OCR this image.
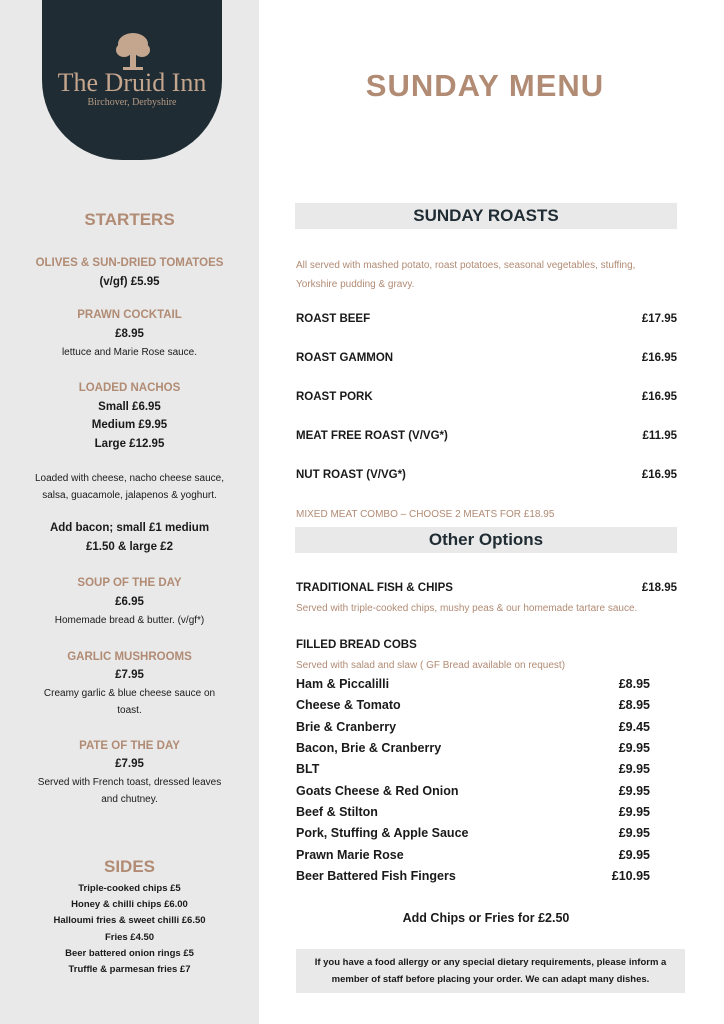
The Druid Inn
Birchover, Derbyshire
STARTERS
OLIVES & SUN-DRIED TOMATOES
(v/gf) £5.95
PRAWN COCKTAIL
£8.95
lettuce and Marie Rose sauce.
LOADED NACHOS
Small £6.95
Medium £9.95
Large £12.95
Loaded with cheese, nacho cheese sauce, salsa, guacamole, jalapenos & yoghurt.
Add bacon; small £1 medium £1.50 & large £2
SOUP OF THE DAY
£6.95
Homemade bread & butter. (v/gf*)
GARLIC MUSHROOMS
£7.95
Creamy garlic & blue cheese sauce on toast.
PATE OF THE DAY
£7.95
Served with French toast, dressed leaves and chutney.
SIDES
Triple-cooked chips £5
Honey & chilli chips £6.00
Halloumi fries & sweet chilli £6.50
Fries £4.50
Beer battered onion rings £5
Truffle & parmesan fries £7
SUNDAY MENU
SUNDAY ROASTS
All served with mashed potato, roast potatoes, seasonal vegetables, stuffing, Yorkshire pudding & gravy.
ROAST BEEF	£17.95
ROAST GAMMON	£16.95
ROAST PORK	£16.95
MEAT FREE ROAST (V/VG*)	£11.95
NUT ROAST (V/VG*)	£16.95
MIXED MEAT COMBO – CHOOSE 2 MEATS FOR £18.95
Other Options
TRADITIONAL FISH & CHIPS	£18.95
Served with triple-cooked chips, mushy peas & our homemade tartare sauce.
FILLED BREAD COBS
Served with salad and slaw ( GF Bread available on request)
Ham & Piccalilli	£8.95
Cheese & Tomato	£8.95
Brie & Cranberry	£9.45
Bacon, Brie & Cranberry	£9.95
BLT	£9.95
Goats Cheese & Red Onion	£9.95
Beef & Stilton	£9.95
Pork, Stuffing & Apple Sauce	£9.95
Prawn Marie Rose	£9.95
Beer Battered Fish Fingers	£10.95
Add Chips or Fries for £2.50
If you have a food allergy or any special dietary requirements, please inform a member of staff before placing your order. We can adapt many dishes.
